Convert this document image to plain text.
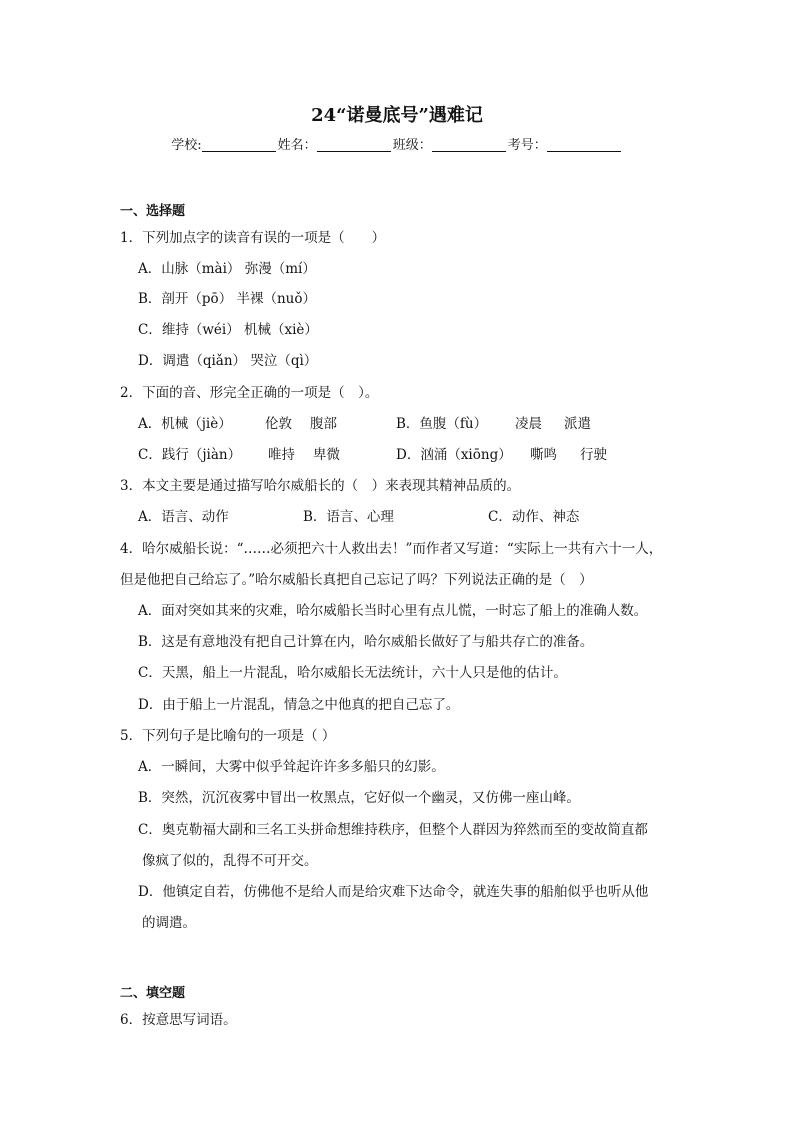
24“诺曼底号”遇难记
学校:	姓名：	班级：	考号：
一、选择题
1．下列加点字的读音有误的一项是（　　）
A．山脉（mài） 弥漫（mí）
B．剖开（pō） 半裸（nuǒ）
C．维持（wéi） 机械（xiè）
D．调遣（qiǎn） 哭泣（qì）
2．下面的音、形完全正确的一项是（　）。
A．机械（jiè） 伦敦 腹部	B．鱼腹（fù） 凌晨 派遣
C．践行（jiàn） 唯持 卑微	D．汹涌（xiōng） 嘶鸣 行驶
3．本文主要是通过描写哈尔威船长的（　）来表现其精神品质的。
A．语言、动作	B．语言、心理	C．动作、神态
4．哈尔威船长说：“……必须把六十人救出去！”而作者又写道：“实际上一共有六十一人，
但是他把自己给忘了。”哈尔威船长真把自己忘记了吗？下列说法正确的是（　）
A．面对突如其来的灾难，哈尔威船长当时心里有点儿慌，一时忘了船上的准确人数。
B．这是有意地没有把自己计算在内，哈尔威船长做好了与船共存亡的准备。
C．天黑，船上一片混乱，哈尔威船长无法统计，六十人只是他的估计。
D．由于船上一片混乱，情急之中他真的把自己忘了。
5．下列句子是比喻句的一项是（ ）
A．一瞬间，大雾中似乎耸起许许多多船只的幻影。
B．突然，沉沉夜雾中冒出一枚黑点，它好似一个幽灵，又仿佛一座山峰。
C．奥克勒福大副和三名工头拼命想维持秩序，但整个人群因为猝然而至的变故简直都
像疯了似的，乱得不可开交。
D．他镇定自若，仿佛他不是给人而是给灾难下达命令，就连失事的船舶似乎也听从他
的调遣。
二、填空题
6．按意思写词语。
